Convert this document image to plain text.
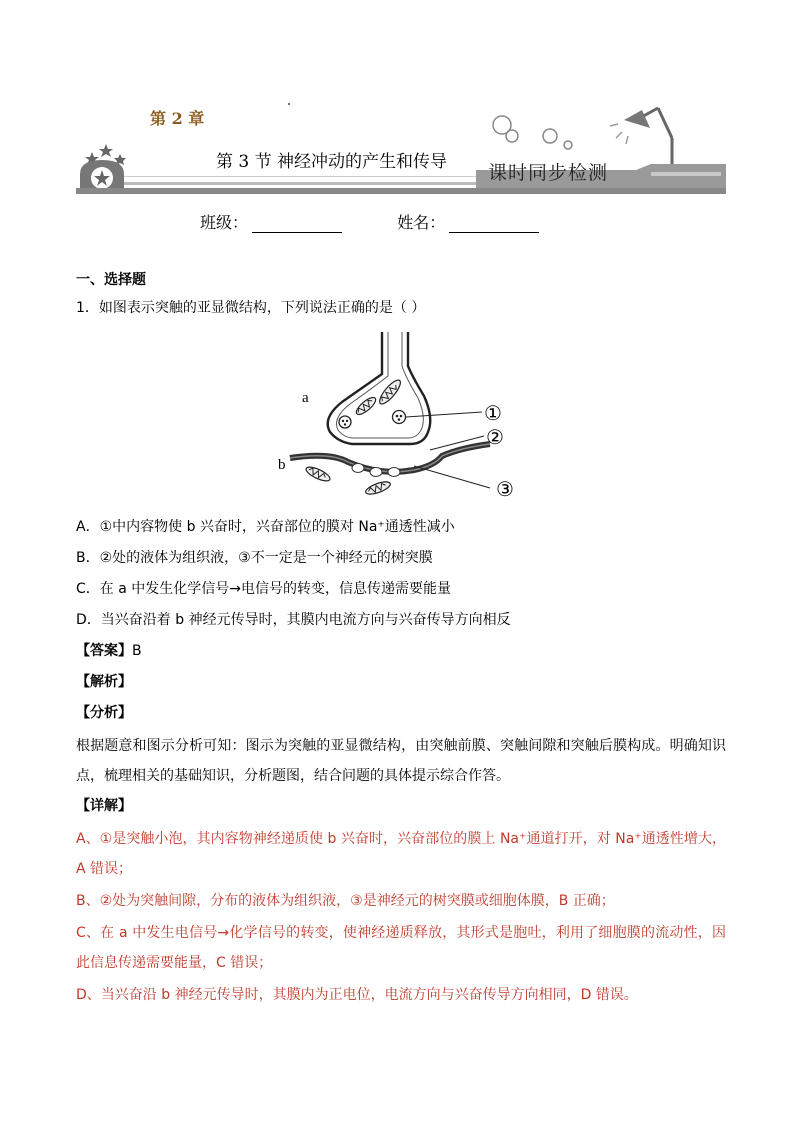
第 2 章
第 3 节 神经冲动的产生和传导 课时同步检测
班级：	姓名：
一、选择题
1．如图表示突触的亚显微结构，下列说法正确的是（ ）
a
b
①
②
③
A．①中内容物使 b 兴奋时，兴奋部位的膜对 Na⁺通透性减小
B．②处的液体为组织液，③不一定是一个神经元的树突膜
C．在 a 中发生化学信号→电信号的转变，信息传递需要能量
D．当兴奋沿着 b 神经元传导时，其膜内电流方向与兴奋传导方向相反
【答案】B
【解析】
【分析】
根据题意和图示分析可知：图示为突触的亚显微结构，由突触前膜、突触间隙和突触后膜构成。明确知识点，梳理相关的基础知识，分析题图，结合问题的具体提示综合作答。
【详解】
A、①是突触小泡，其内容物神经递质使 b 兴奋时，兴奋部位的膜上 Na⁺通道打开，对 Na⁺通透性增大，A 错误；
B、②处为突触间隙，分布的液体为组织液，③是神经元的树突膜或细胞体膜，B 正确；
C、在 a 中发生电信号→化学信号的转变，使神经递质释放，其形式是胞吐，利用了细胞膜的流动性，因此信息传递需要能量，C 错误；
D、当兴奋沿 b 神经元传导时，其膜内为正电位，电流方向与兴奋传导方向相同，D 错误。
